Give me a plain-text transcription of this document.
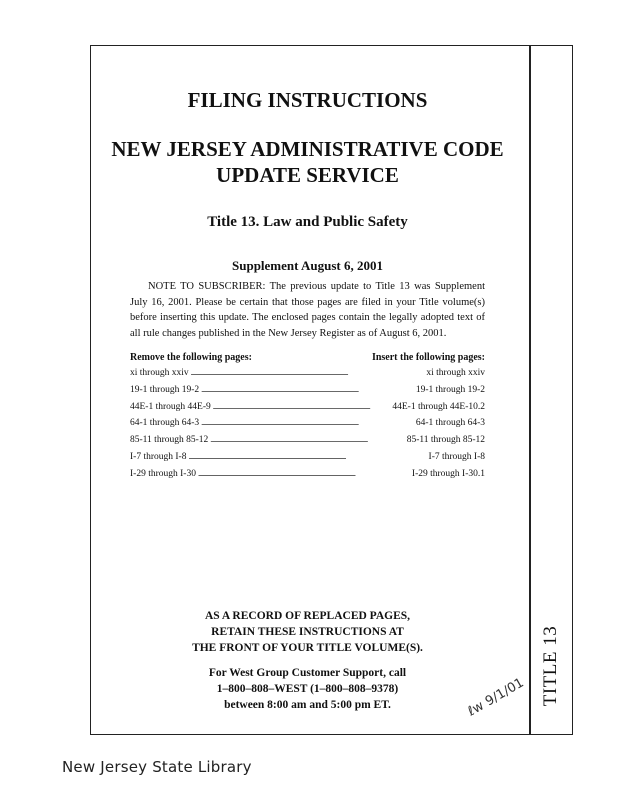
TITLE 13
FILING INSTRUCTIONS
NEW JERSEY ADMINISTRATIVE CODE
UPDATE SERVICE
Title 13. Law and Public Safety
Supplement August 6, 2001
NOTE TO SUBSCRIBER: The previous update to Title 13 was Supplement July 16, 2001. Please be certain that those pages are filed in your Title volume(s) before inserting this update. The enclosed pages contain the legally adopted text of all rule changes published in the New Jersey Register as of August 6, 2001.
Remove the following pages:	Insert the following pages:
xi through xxiv . . .	xi through xxiv
19-1 through 19-2 . . .	19-1 through 19-2
44E-1 through 44E-9 . . .	44E-1 through 44E-10.2
64-1 through 64-3 . . .	64-1 through 64-3
85-11 through 85-12 . . .	85-11 through 85-12
I-7 through I-8 . . .	I-7 through I-8
I-29 through I-30 . . .	I-29 through I-30.1
AS A RECORD OF REPLACED PAGES,
RETAIN THESE INSTRUCTIONS AT
THE FRONT OF YOUR TITLE VOLUME(S).
For West Group Customer Support, call
1–800–808–WEST (1–800–808–9378)
between 8:00 am and 5:00 pm ET.	ℓw 9/1/01
New Jersey State Library
